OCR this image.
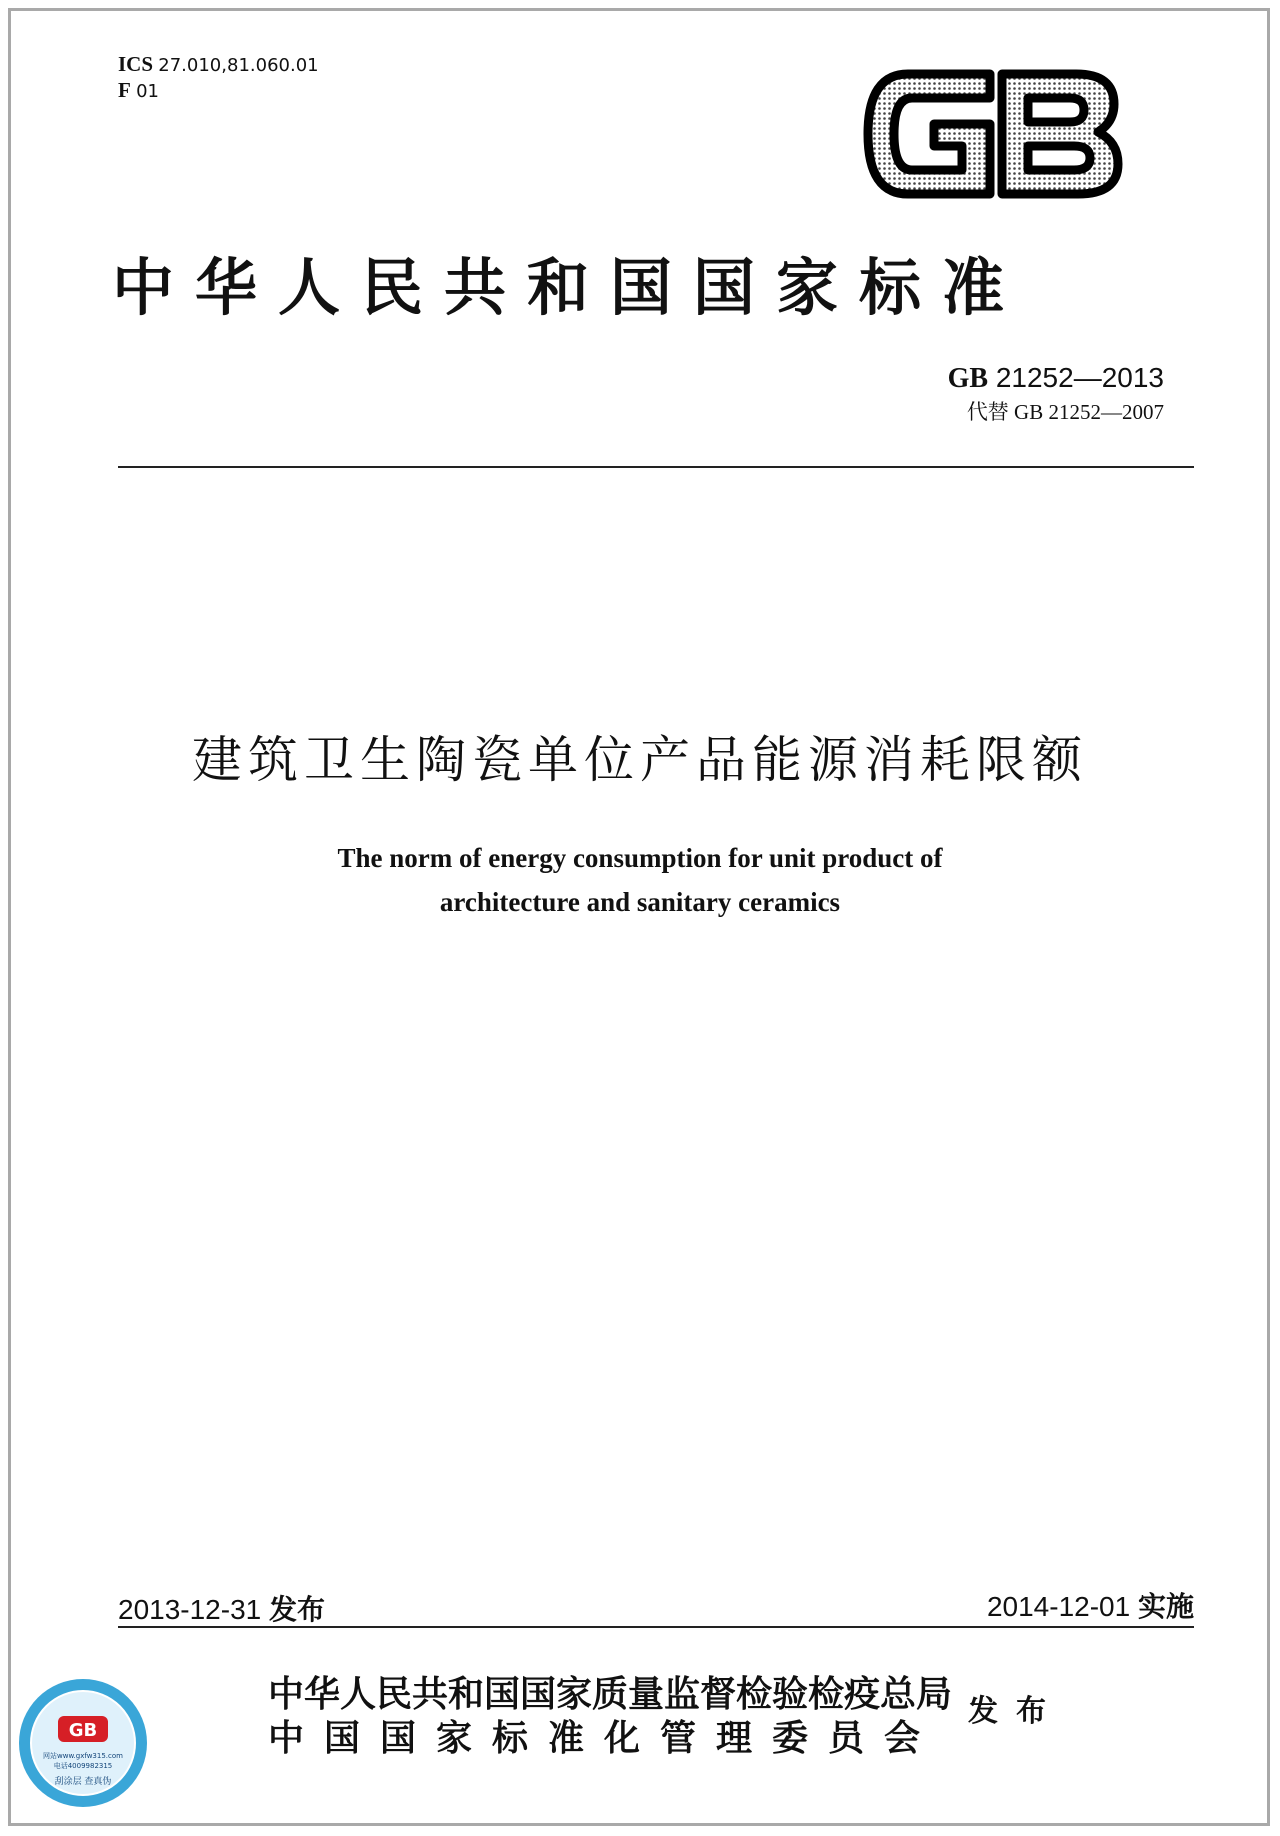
ICS 27.010,81.060.01
F 01
中华人民共和国国家标准
GB 21252—2013
代替 GB 21252—2007
建筑卫生陶瓷单位产品能源消耗限额
The norm of energy consumption for unit product of
architecture and sanitary ceramics
2013-12-31 发布	2014-12-01 实施
中华人民共和国国家质量监督检验检疫总局
中国国家标准化管理委员会
发布
GB
网站www.gxfw315.com
电话4009982315
刮涂层 查真伪
